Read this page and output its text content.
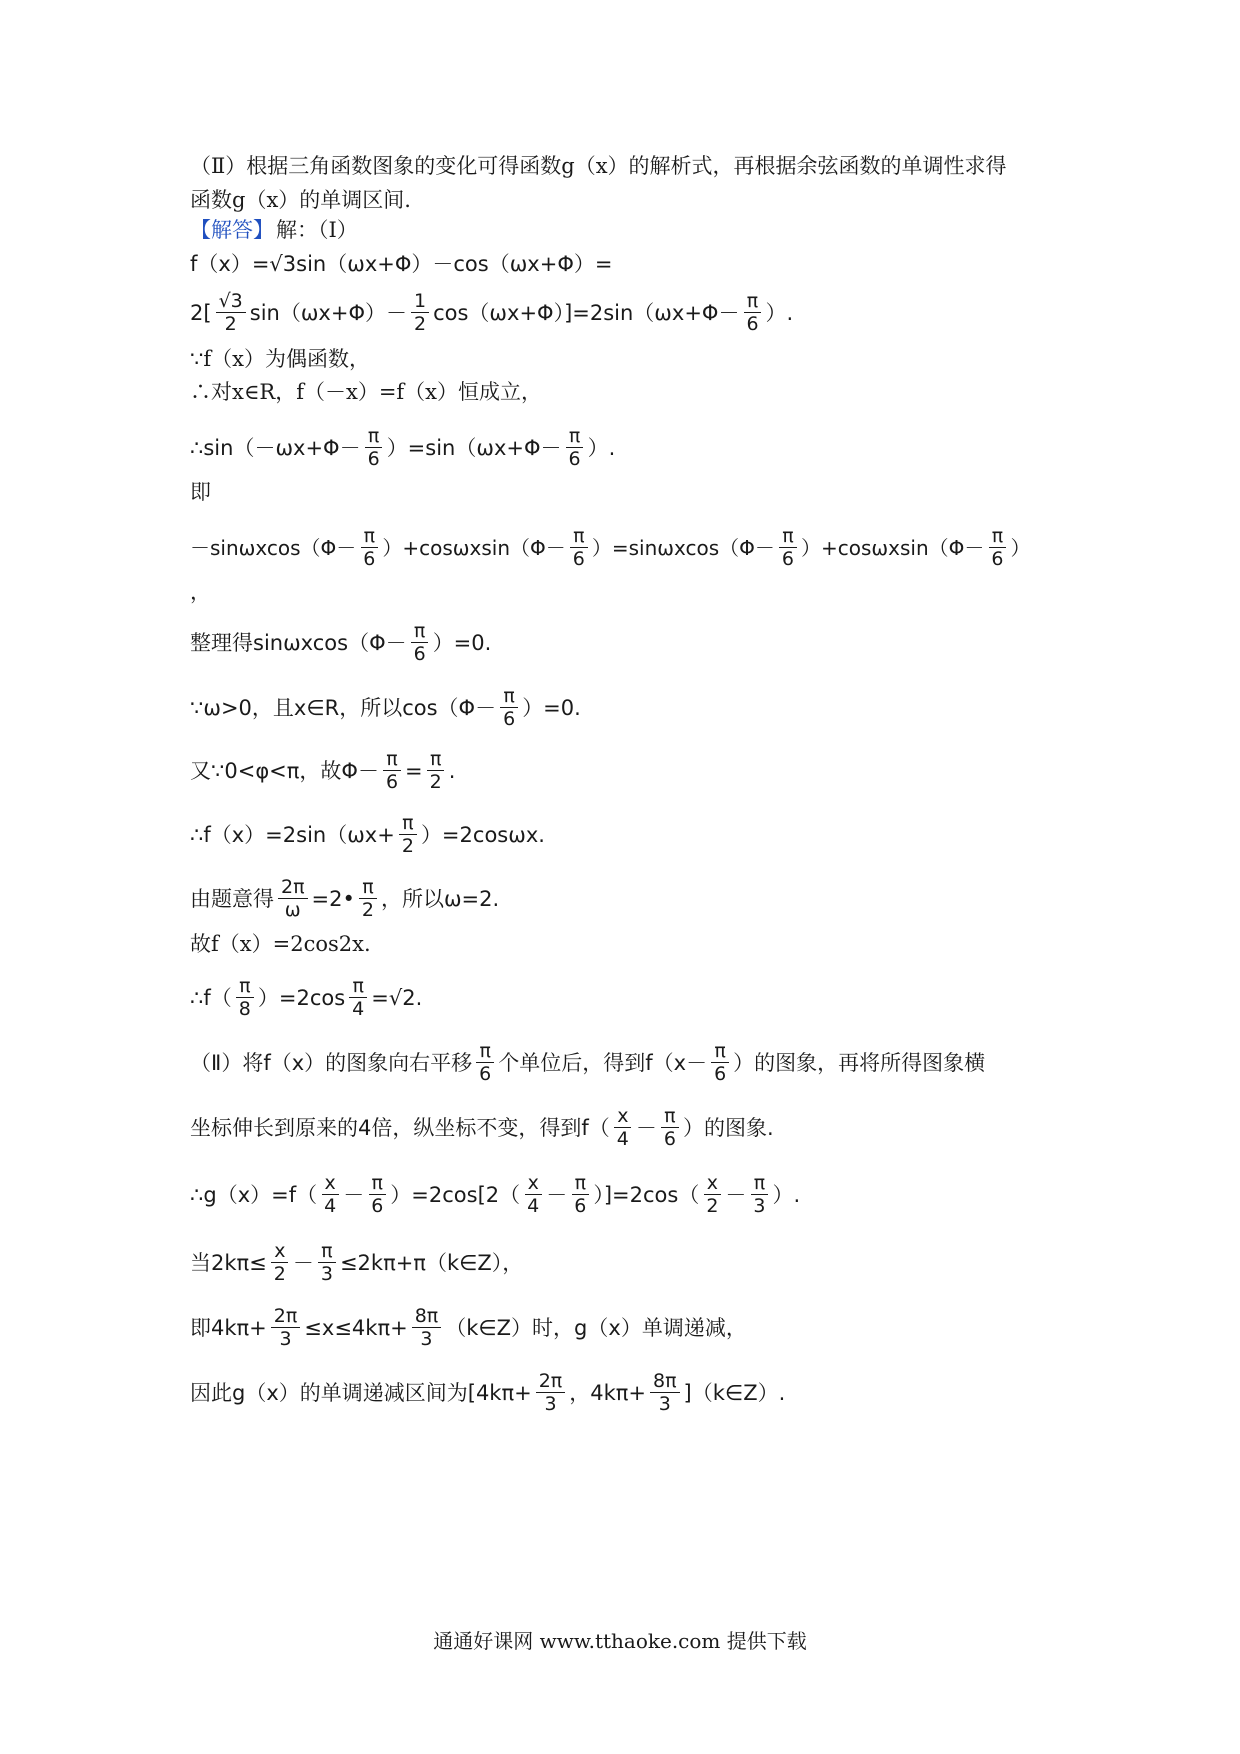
（Ⅱ）根据三角函数图象的变化可得函数g（x）的解析式，再根据余弦函数的单调性求得
函数g（x）的单调区间.
【解答】 解：（Ⅰ）
f（x）=√3sin（ωx+Φ）－cos（ωx+Φ）=
$2[ \frac{√3}{2} \sin(\omega x+\Phi)- \frac{1}{2} \cos(\omega x+\Phi)]=2\sin(\omega x+\Phi- \frac{\pi}{6}$ ）.
∵f（x）为偶函数，
∴对x∈R，f（－x）=f（x）恒成立，
∴sin（－ωx+Φ－ $\frac{\pi}{6} )=\sin(\omega x+\Phi- \frac{\pi}{6}$ ）.
即
$-\sin\omega xcos(\Phi- \frac{\pi}{6} )+\cos\omega xsin(\Phi- \frac{\pi}{6} )=\sin\omega xcos(\Phi- \frac{\pi}{6} )+\cos\omega xsin(\Phi- \frac{\pi}{6}$ ）
，
整理得$\sin\omega xcos(\Phi- \frac{\pi}{6} )=0$.
∵ω>0，且x∈R，所以$\cos(\Phi- \frac{\pi}{6} )=0$.
又∵0<φ<π，故$\Phi- \frac{\pi}{6} = \frac{\pi}{2}$ .
∴f（x）=2sin（ωx+ $\frac{\pi}{2} )=2\cos\omega x$.
由题意得 $\frac{2\pi}{\omega}$ =2• $\frac{\pi}{2}$ ，所以ω=2.
故f（x）=2cos2x.
∴f（ $\frac{\pi}{8} )=2\cos \frac{\pi}{4} =√2$.
（Ⅱ）将f（x）的图象向右平移 $\frac{\pi}{6}$ 个单位后，得到$f(x- \frac{\pi}{6}$ ）的图象，再将所得图象横
坐标伸长到原来的4倍，纵坐标不变，得到$f( \frac{x}{4} - \frac{\pi}{6}$ ）的图象.
∴g（x）=f（ $\frac{x}{4} - \frac{\pi}{6} )=2\cos[2( \frac{x}{4} - \frac{\pi}{6} )]=2\cos( \frac{x}{2} - \frac{\pi}{3}$ ）.
当$2k\pi\le \frac{x}{2} - \frac{\pi}{3}$ ≤2kπ+π（k∈Z），
即$4k\pi+ \frac{2\pi}{3} \le x\le 4k\pi+ \frac{8\pi}{3}$ （k∈Z）时，g（x）单调递减，
因此g（x）的单调递减区间为[$4k\pi+ \frac{2\pi}{3}$ ，$4k\pi+ \frac{8\pi}{3}$ ]（k∈Z）.
通通好课网 www.tthaoke.com 提供下载
